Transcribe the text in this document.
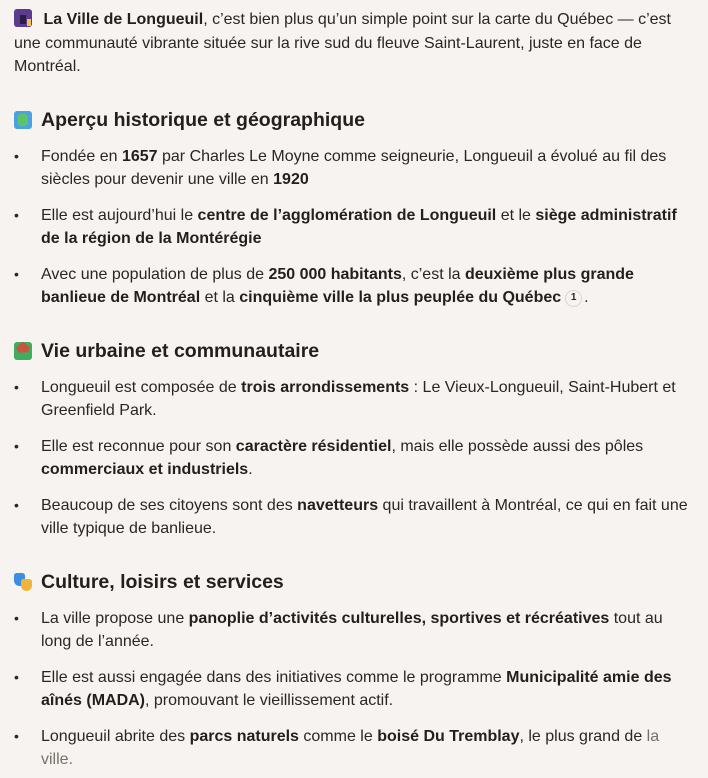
La Ville de Longueuil, c’est bien plus qu’un simple point sur la carte du Québec — c’est une communauté vibrante située sur la rive sud du fleuve Saint-Laurent, juste en face de Montréal.

Aperçu historique et géographique
• Fondée en 1657 par Charles Le Moyne comme seigneurie, Longueuil a évolué au fil des siècles pour devenir une ville en 1920
• Elle est aujourd’hui le centre de l’agglomération de Longueuil et le siège administratif de la région de la Montérégie
• Avec une population de plus de 250 000 habitants, c’est la deuxième plus grande banlieue de Montréal et la cinquième ville la plus peuplée du Québec 1 .
Vie urbaine et communautaire
• Longueuil est composée de trois arrondissements : Le Vieux-Longueuil, Saint-Hubert et Greenfield Park.
• Elle est reconnue pour son caractère résidentiel, mais elle possède aussi des pôles commerciaux et industriels.
• Beaucoup de ses citoyens sont des navetteurs qui travaillent à Montréal, ce qui en fait une ville typique de banlieue.
Culture, loisirs et services
• La ville propose une panoplie d’activités culturelles, sportives et récréatives tout au long de l’année.
• Elle est aussi engagée dans des initiatives comme le programme Municipalité amie des aînés (MADA), promouvant le vieillissement actif.
• Longueuil abrite des parcs naturels comme le boisé Du Tremblay, le plus grand de la ville.
